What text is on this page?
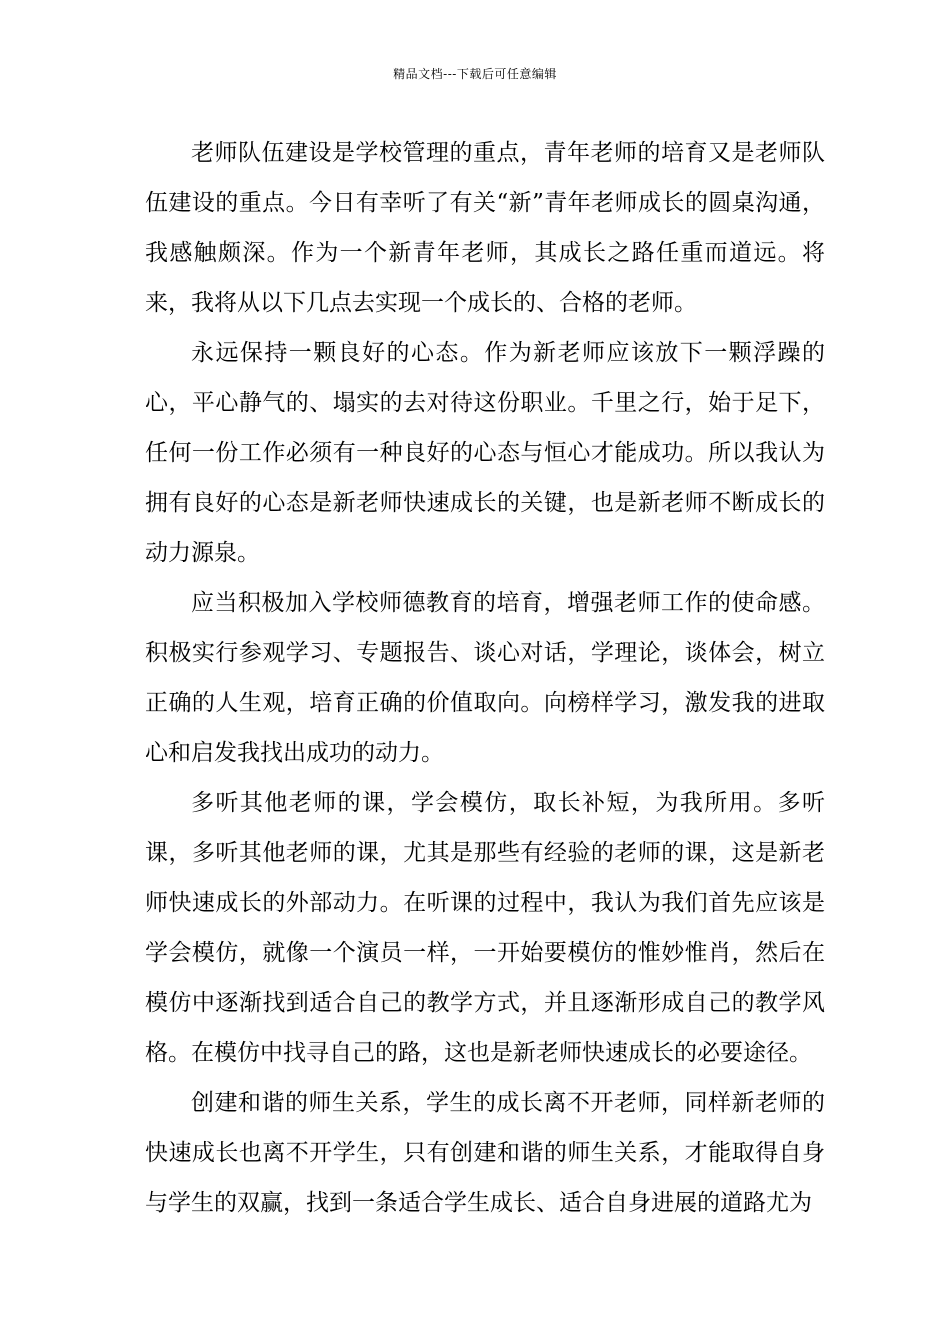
精品文档---下载后可任意编辑

老师队伍建设是学校管理的重点，青年老师的培育又是老师队伍建设的重点。今日有幸听了有关“新”青年老师成长的圆桌沟通，我感触颇深。作为一个新青年老师，其成长之路任重而道远。将来，我将从以下几点去实现一个成长的、合格的老师。

永远保持一颗良好的心态。作为新老师应该放下一颗浮躁的心，平心静气的、塌实的去对待这份职业。千里之行，始于足下，任何一份工作必须有一种良好的心态与恒心才能成功。所以我认为拥有良好的心态是新老师快速成长的关键，也是新老师不断成长的动力源泉。

应当积极加入学校师德教育的培育，增强老师工作的使命感。积极实行参观学习、专题报告、谈心对话，学理论，谈体会，树立正确的人生观，培育正确的价值取向。向榜样学习，激发我的进取心和启发我找出成功的动力。

多听其他老师的课，学会模仿，取长补短，为我所用。多听课，多听其他老师的课，尤其是那些有经验的老师的课，这是新老师快速成长的外部动力。在听课的过程中，我认为我们首先应该是学会模仿，就像一个演员一样，一开始要模仿的惟妙惟肖，然后在模仿中逐渐找到适合自己的教学方式，并且逐渐形成自己的教学风格。在模仿中找寻自己的路，这也是新老师快速成长的必要途径。

创建和谐的师生关系，学生的成长离不开老师，同样新老师的快速成长也离不开学生，只有创建和谐的师生关系，才能取得自身与学生的双赢，找到一条适合学生成长、适合自身进展的道路尤为
